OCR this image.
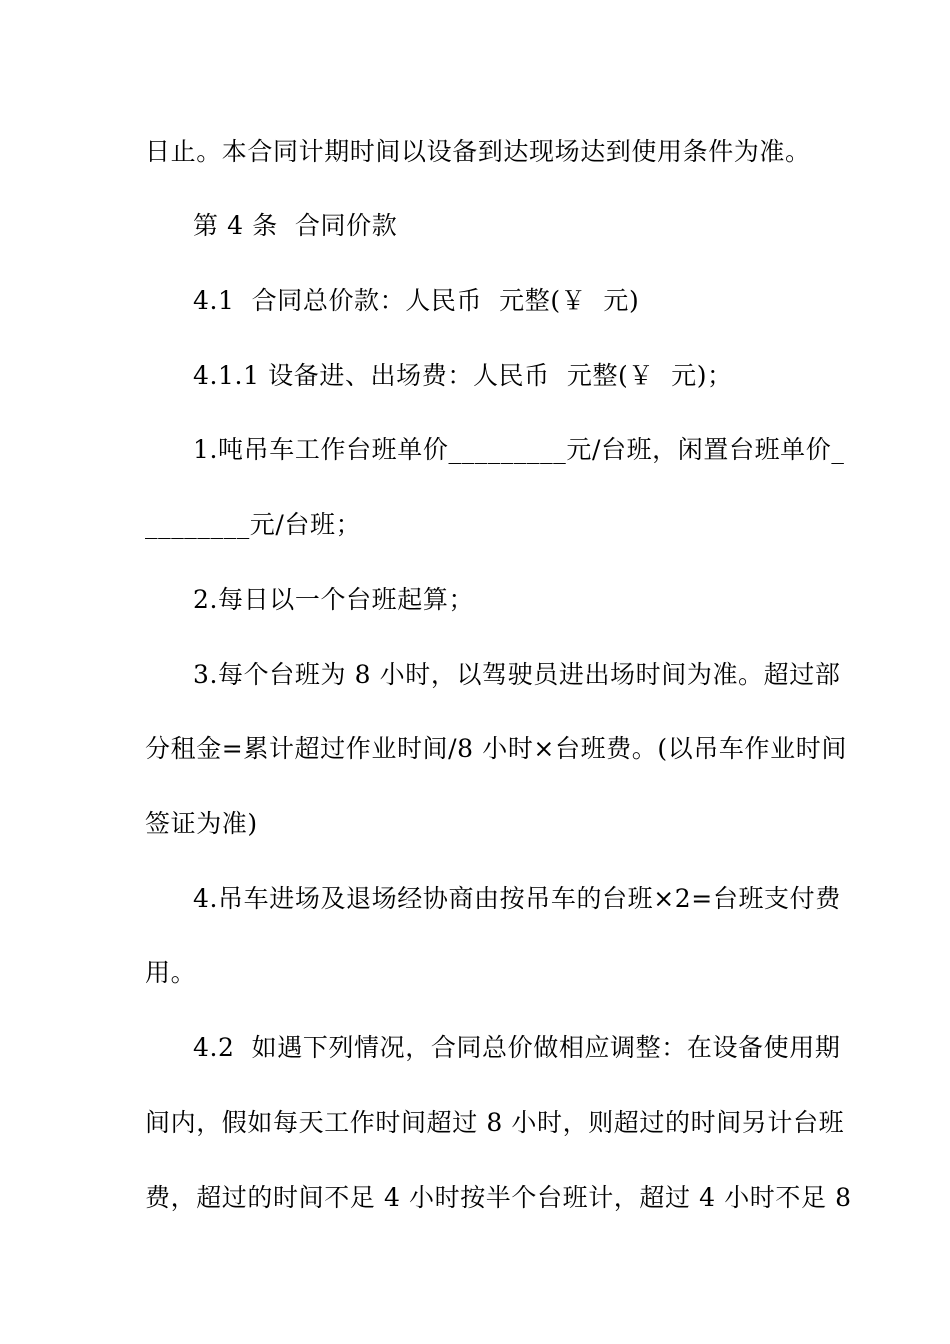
日止。本合同计期时间以设备到达现场达到使用条件为准。
第 4 条  合同价款
4.1  合同总价款：人民币  元整(￥  元)
4.1.1 设备进、出场费：人民币  元整(￥  元)；
1.吨吊车工作台班单价_________元/台班，闲置台班单价_
________元/台班；
2.每日以一个台班起算；
3.每个台班为 8 小时，以驾驶员进出场时间为准。超过部
分租金=累计超过作业时间/8 小时×台班费。(以吊车作业时间
签证为准)
4.吊车进场及退场经协商由按吊车的台班×2=台班支付费
用。
4.2  如遇下列情况，合同总价做相应调整：在设备使用期
间内，假如每天工作时间超过 8 小时，则超过的时间另计台班
费，超过的时间不足 4 小时按半个台班计，超过 4 小时不足 8
